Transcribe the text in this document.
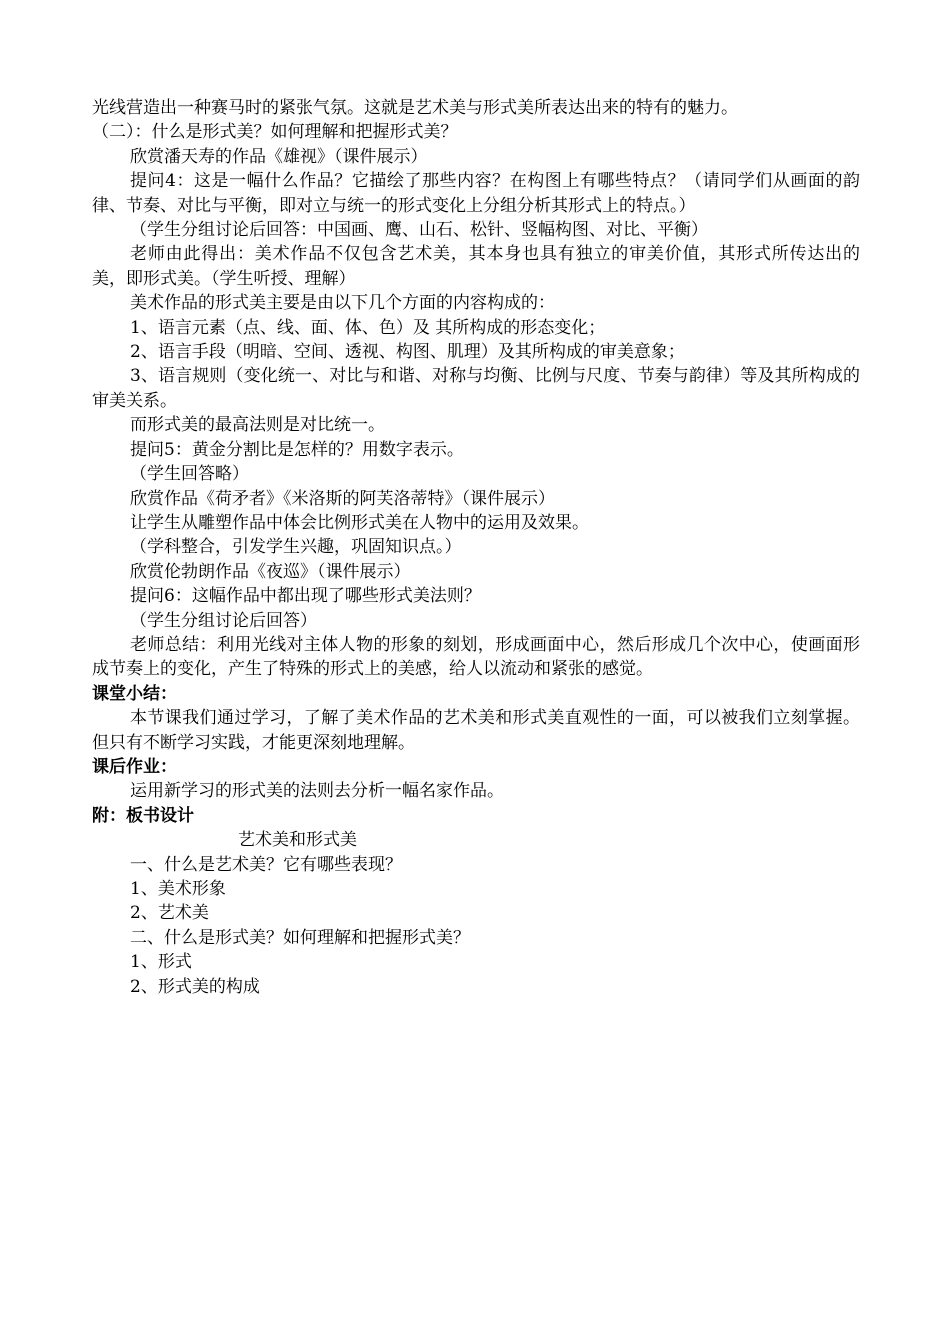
光线营造出一种赛马时的紧张气氛。这就是艺术美与形式美所表达出来的特有的魅力。

（二）：什么是形式美？如何理解和把握形式美？

欣赏潘天寿的作品《雄视》（课件展示）

提问4：这是一幅什么作品？它描绘了那些内容？在构图上有哪些特点？（请同学们从画面的韵律、节奏、对比与平衡，即对立与统一的形式变化上分组分析其形式上的特点。）

（学生分组讨论后回答：中国画、鹰、山石、松针、竖幅构图、对比、平衡）

老师由此得出：美术作品不仅包含艺术美，其本身也具有独立的审美价值，其形式所传达出的美，即形式美。（学生听授、理解）

美术作品的形式美主要是由以下几个方面的内容构成的：

1、语言元素（点、线、面、体、色）及 其所构成的形态变化；

2、语言手段（明暗、空间、透视、构图、肌理）及其所构成的审美意象；

3、语言规则（变化统一、对比与和谐、对称与均衡、比例与尺度、节奏与韵律）等及其所构成的审美关系。

而形式美的最高法则是对比统一。

提问5：黄金分割比是怎样的？用数字表示。

（学生回答略）

欣赏作品《荷矛者》《米洛斯的阿芙洛蒂特》（课件展示）

让学生从雕塑作品中体会比例形式美在人物中的运用及效果。

（学科整合，引发学生兴趣，巩固知识点。）

欣赏伦勃朗作品《夜巡》（课件展示）

提问6：这幅作品中都出现了哪些形式美法则？

（学生分组讨论后回答）

老师总结：利用光线对主体人物的形象的刻划，形成画面中心，然后形成几个次中心，使画面形成节奏上的变化，产生了特殊的形式上的美感，给人以流动和紧张的感觉。

课堂小结：

本节课我们通过学习，了解了美术作品的艺术美和形式美直观性的一面，可以被我们立刻掌握。但只有不断学习实践，才能更深刻地理解。

课后作业：

运用新学习的形式美的法则去分析一幅名家作品。

附：板书设计

艺术美和形式美

一、什么是艺术美？它有哪些表现？

1、美术形象

2、艺术美

二、什么是形式美？如何理解和把握形式美？

1、形式

2、形式美的构成
